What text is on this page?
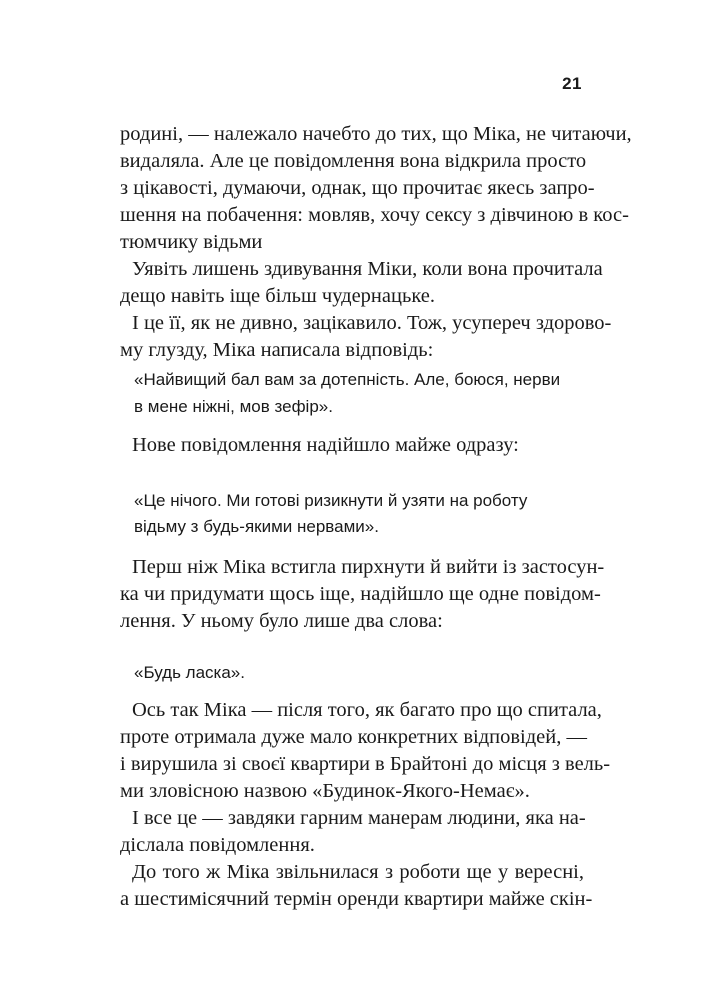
21
родині, — належало начебто до тих, що Міка, не читаючи,
видаляла. Але це повідомлення вона відкрила просто
з цікавості, думаючи, однак, що прочитає якесь запро-
шення на побачення: мовляв, хочу сексу з дівчиною в кос-
тюмчику відьми
Уявіть лишень здивування Міки, коли вона прочитала
дещо навіть іще більш чудернацьке.
І це її, як не дивно, зацікавило. Тож, усупереч здорово-
му глузду, Міка написала відповідь:
«Найвищий бал вам за дотепність. Але, боюся, нерви
в мене ніжні, мов зефір».
Нове повідомлення надійшло майже одразу:
«Це нічого. Ми готові ризикнути й узяти на роботу
відьму з будь-якими нервами».
Перш ніж Міка встигла пирхнути й вийти із застосун-
ка чи придумати щось іще, надійшло ще одне повідом-
лення. У ньому було лише два слова:
«Будь ласка».
Ось так Міка — після того, як багато про що спитала,
проте отримала дуже мало конкретних відповідей, —
і вирушила зі своєї квартири в Брайтоні до місця з вель-
ми зловісною назвою «Будинок-Якого-Немає».
І все це — завдяки гарним манерам людини, яка на-
діслала повідомлення.
До того ж Міка звільнилася з роботи ще у вересні,
а шестимісячний термін оренди квартири майже скін-
